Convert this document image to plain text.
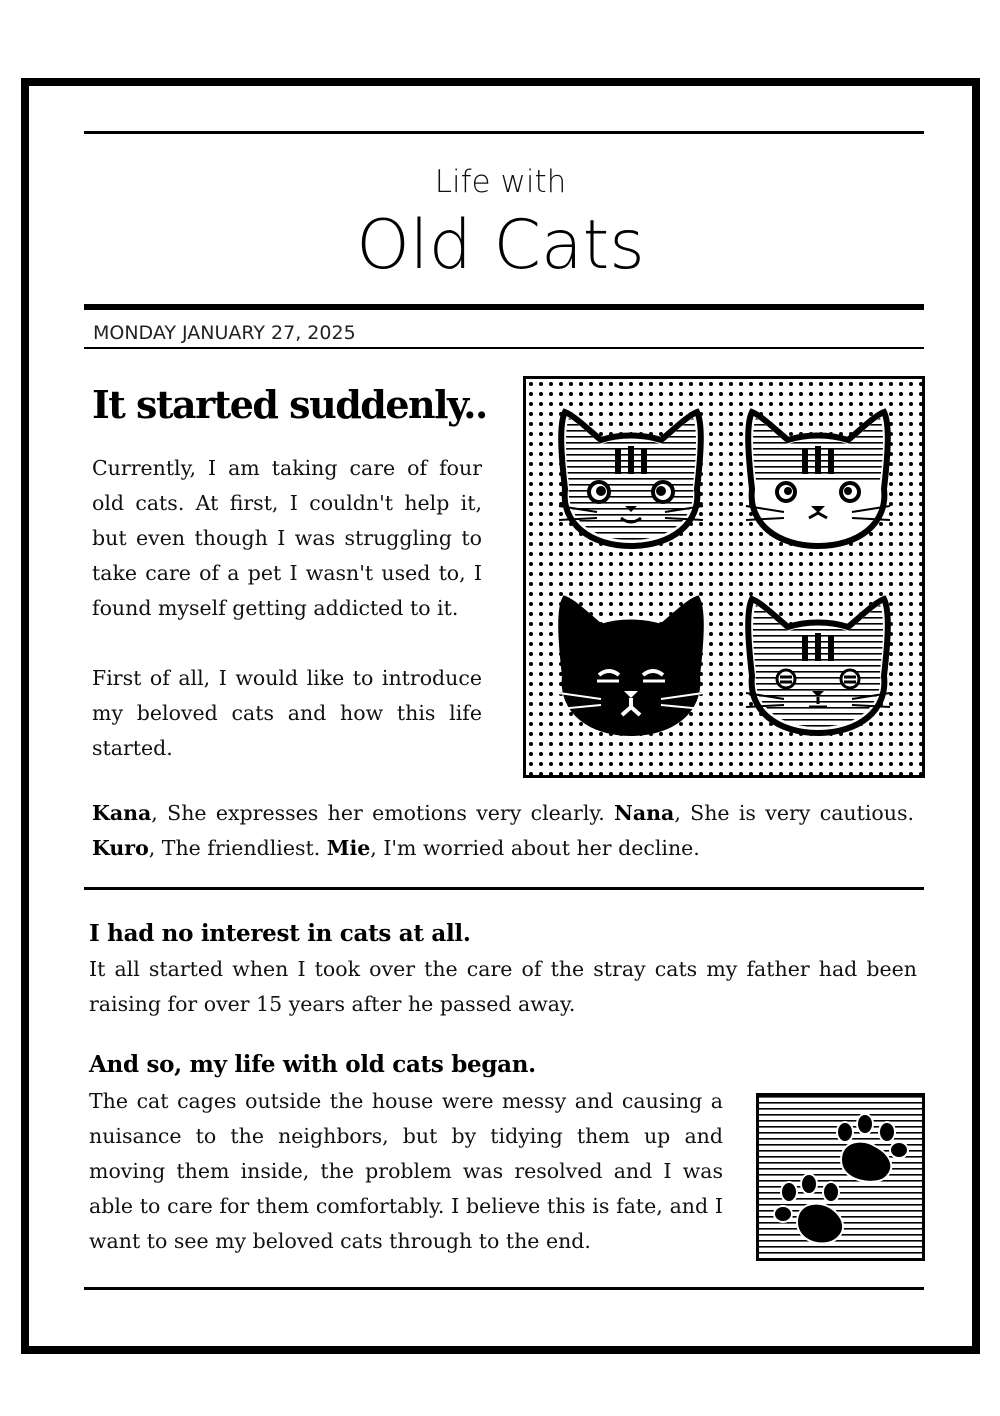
Life with
Old Cats
MONDAY JANUARY 27, 2025
It started suddenly..

Currently, I am taking care of four old cats. At first, I couldn't help it, but even though I was struggling to take care of a pet I wasn't used to, I found myself getting addicted to it.

First of all, I would like to introduce my beloved cats and how this life started.

Kana, She expresses her emotions very clearly. Nana, She is very cautious. Kuro, The friendliest. Mie, I'm worried about her decline.

I had no interest in cats at all.

It all started when I took over the care of the stray cats my father had been raising for over 15 years after he passed away.

And so, my life with old cats began.

The cat cages outside the house were messy and causing a nuisance to the neighbors, but by tidying them up and moving them inside, the problem was resolved and I was able to care for them comfortably. I believe this is fate, and I want to see my beloved cats through to the end.
